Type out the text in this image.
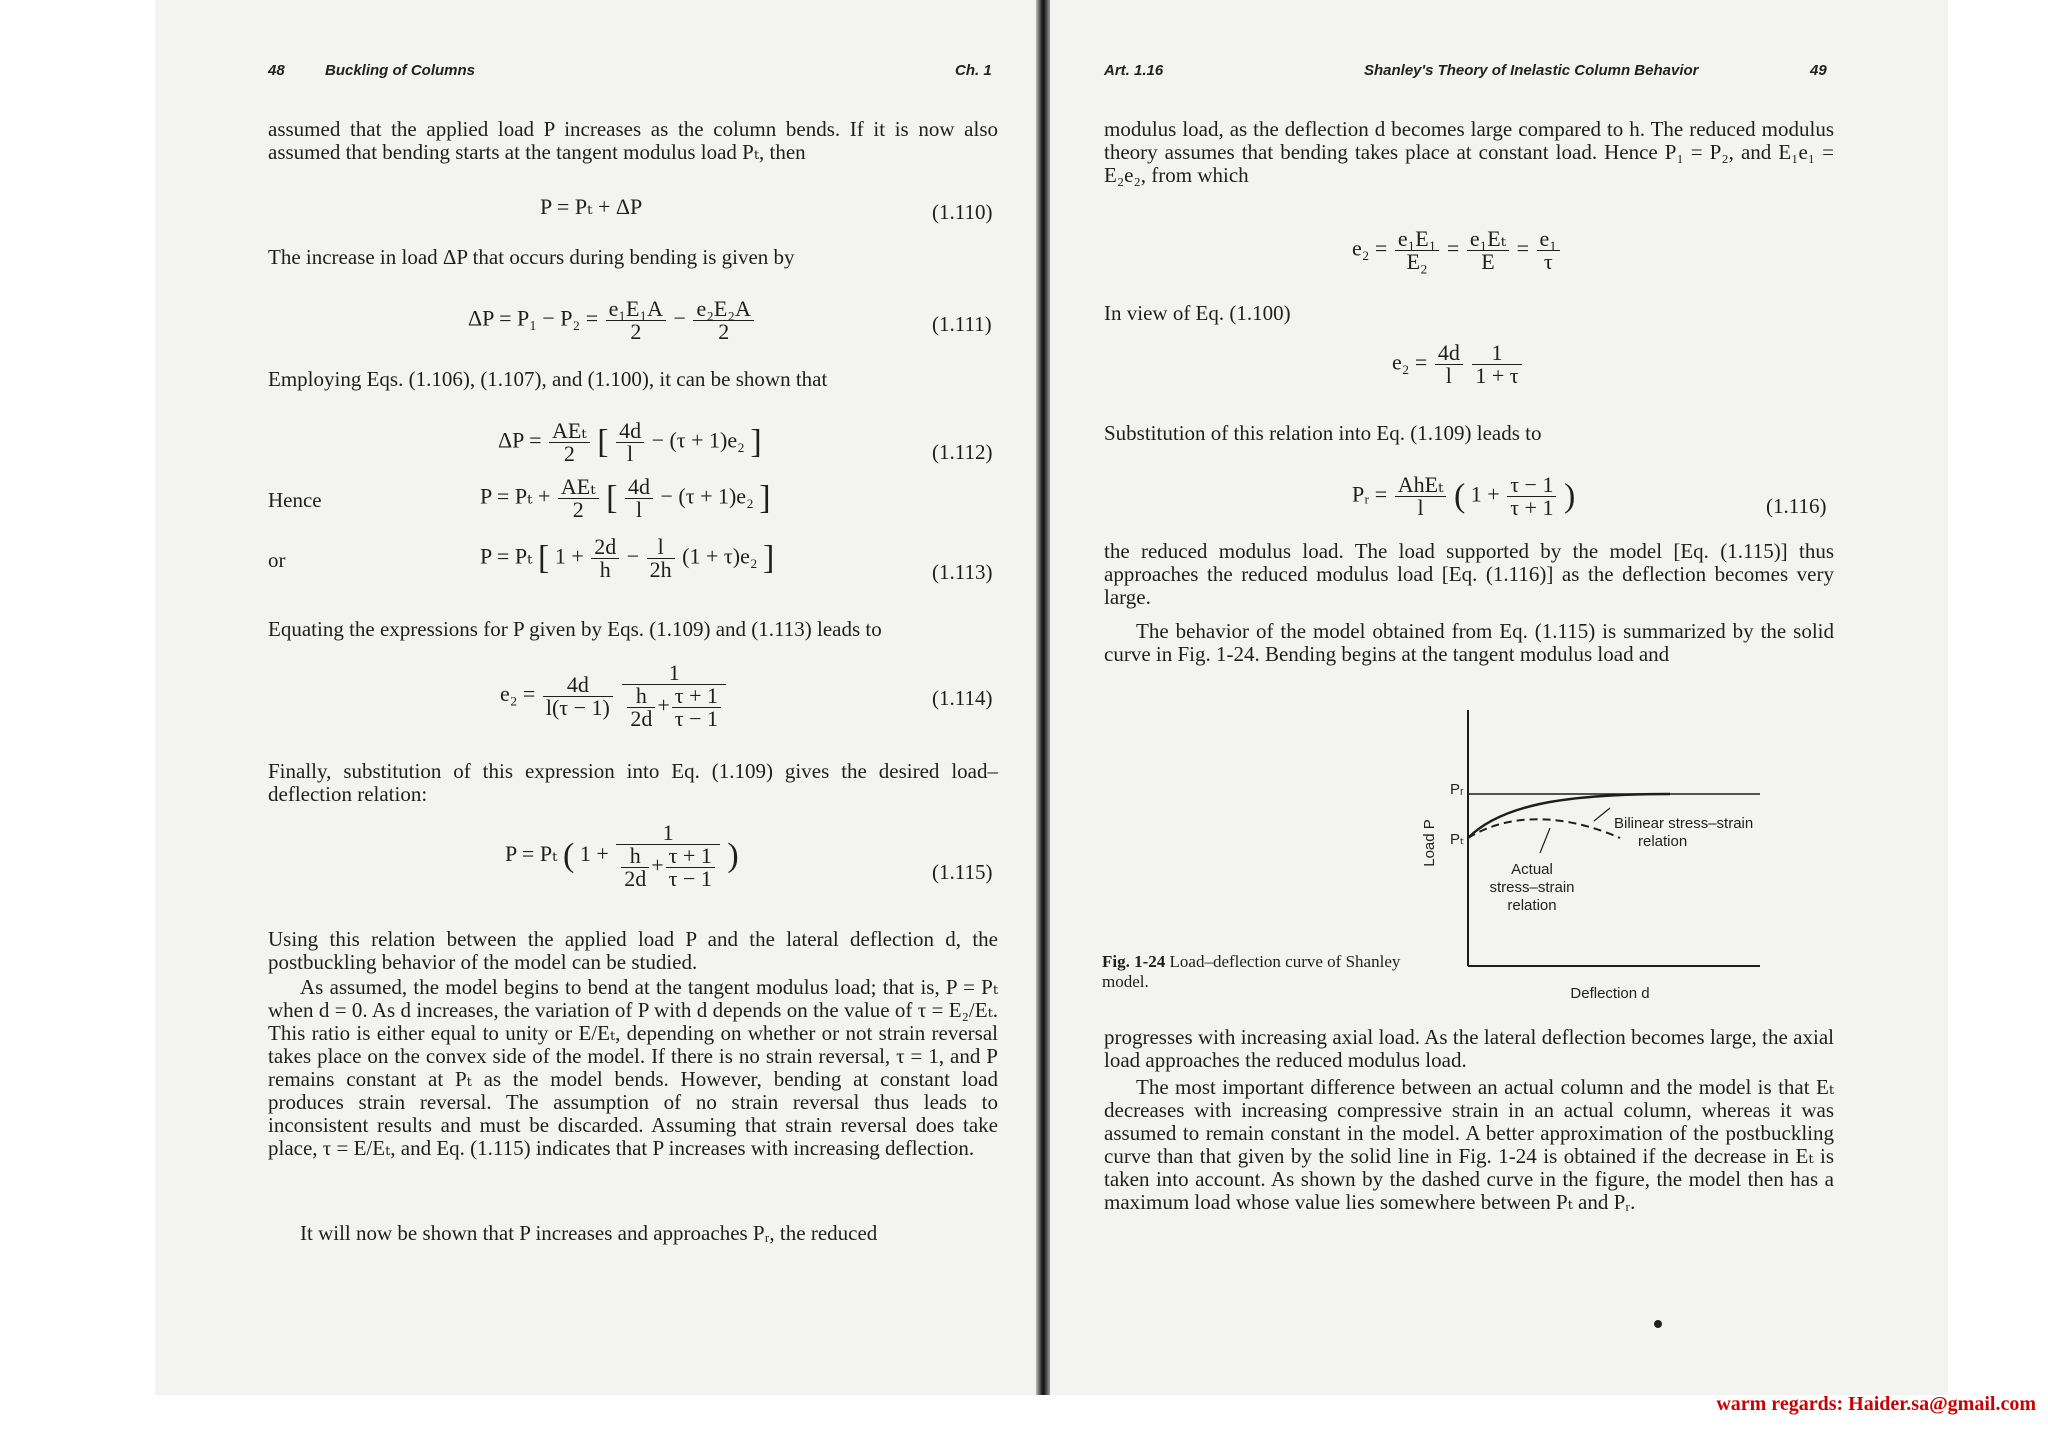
48	Buckling of Columns	Ch. 1

assumed that the applied load P increases as the column bends. If it is now also assumed that bending starts at the tangent modulus load Pₜ, then

P = Pₜ + ΔP	(1.110)

The increase in load ΔP that occurs during bending is given by

$\Delta P = P_1 - P_2 = \frac{\text{e₁E₁A}}{2} - \frac{\text{e₂E₂A}}{2}$	(1.111)

Employing Eqs. (1.106), (1.107), and (1.100), it can be shown that

$\Delta P = \frac{\text{AEₜ}}{2}$ [ $\frac{4d}{l} - (\tau + 1)e_2$ ]	(1.112)
Hence	$P = P_t + \frac{\text{AEₜ}}{2}$ [ $\frac{4d}{l} - (\tau + 1)e_2$ ]
or	P = Pₜ [ $1 + \frac{2d}{h} - \frac{l}{2h} (1 + \tau)e_2$ ]	(1.113)

Equating the expressions for P given by Eqs. (1.109) and (1.113) leads to

$e_2 = \frac{4d}{l(\tau - 1)}$
$\frac{1}{\frac{h}{2d} + \frac{\tau + 1}{\tau - 1}}$	(1.114)

Finally, substitution of this expression into Eq. (1.109) gives the desired load–deflection relation:

P = Pₜ ( $1 + \frac{1}{\frac{h}{2d} + \frac{\tau + 1}{\tau - 1}}$ )	(1.115)

Using this relation between the applied load P and the lateral deflection d, the postbuckling behavior of the model can be studied.

As assumed, the model begins to bend at the tangent modulus load; that is, P = Pₜ when d = 0. As d increases, the variation of P with d depends on the value of τ = E₂/Eₜ. This ratio is either equal to unity or E/Eₜ, depending on whether or not strain reversal takes place on the convex side of the model. If there is no strain reversal, τ = 1, and P remains constant at Pₜ as the model bends. However, bending at constant load produces strain reversal. The assumption of no strain reversal thus leads to inconsistent results and must be discarded. Assuming that strain reversal does take place, τ = E/Eₜ, and Eq. (1.115) indicates that P increases with increasing deflection.

It will now be shown that P increases and approaches Pᵣ, the reduced

Art. 1.16	Shanley's Theory of Inelastic Column Behavior	49

modulus load, as the deflection d becomes large compared to h. The reduced modulus theory assumes that bending takes place at constant load. Hence P₁ = P₂, and E₁e₁ = E₂e₂, from which

$e_2 = \frac{\text{e₁E₁}}{\text{E₂}} = \frac{\text{e₁Eₜ}}{E} = \frac{\text{e₁}}{\tau}$

In view of Eq. (1.100)

$e_2 = \frac{4d}{l}$
$\frac{1}{1 + \tau}$

Substitution of this relation into Eq. (1.109) leads to

Pᵣ = $\frac{\text{AhEₜ}}{l}$ ( $1 + \frac{\tau - 1}{\tau + 1}$ )	(1.116)

the reduced modulus load. The load supported by the model [Eq. (1.115)] thus approaches the reduced modulus load [Eq. (1.116)] as the deflection becomes very large.

The behavior of the model obtained from Eq. (1.115) is summarized by the solid curve in Fig. 1-24. Bending begins at the tangent modulus load and

Pᵣ
Pₜ
Load P	Bilinear stress–strain
relation
Actual
stress–strain
relation
Deflection d
Fig. 1-24 Load–deflection curve of Shanley model.

progresses with increasing axial load. As the lateral deflection becomes large, the axial load approaches the reduced modulus load.

The most important difference between an actual column and the model is that Eₜ decreases with increasing compressive strain in an actual column, whereas it was assumed to remain constant in the model. A better approximation of the postbuckling curve than that given by the solid line in Fig. 1-24 is obtained if the decrease in Eₜ is taken into account. As shown by the dashed curve in the figure, the model then has a maximum load whose value lies somewhere between Pₜ and Pᵣ.

warm regards: Haider.sa@gmail.com
